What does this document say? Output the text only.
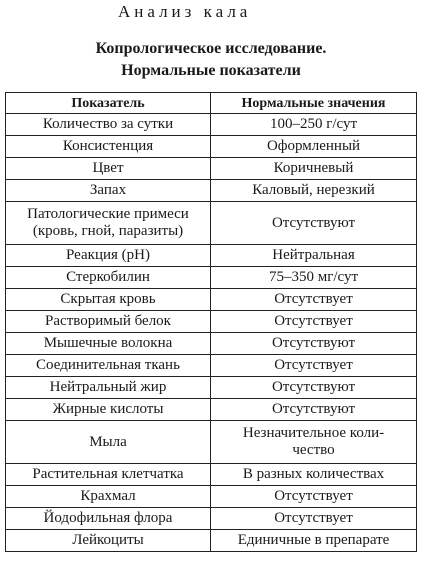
Анализ кала
Копрологическое исследование.
Нормальные показатели
Показатель	Нормальные значения
Количество за сутки	100–250 г/сут
Консистенция	Оформленный
Цвет	Коричневый
Запах	Каловый, нерезкий

Патологические примеси
(кровь, гной, паразиты)	Отсутствуют
Реакция (рН)	Нейтральная
Стеркобилин	75–350 мг/сут
Скрытая кровь	Отсутствует
Растворимый белок	Отсутствует
Мышечные волокна	Отсутствуют
Соединительная ткань	Отсутствует
Нейтральный жир	Отсутствуют
Жирные кислоты	Отсутствуют
Мыла	Незначительное коли-
чество

Растительная клетчатка	В разных количествах
Крахмал	Отсутствует
Йодофильная флора	Отсутствует
Лейкоциты	Единичные в препарате
